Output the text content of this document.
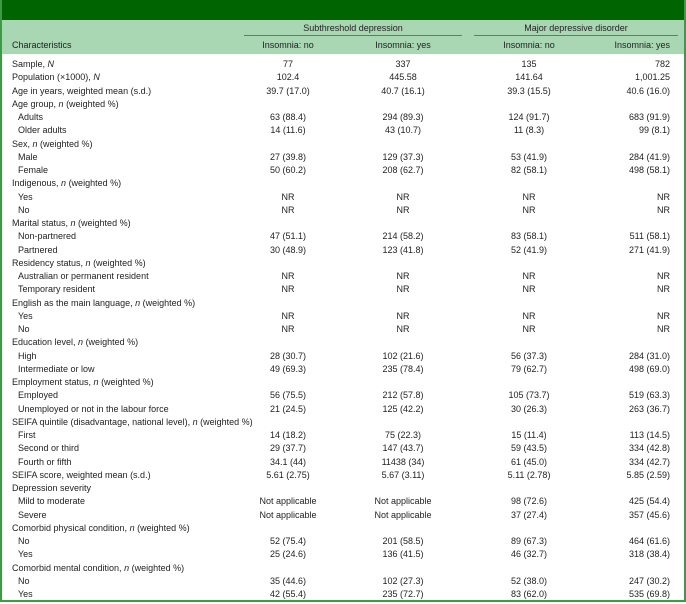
	Subthreshold depression		Major depressive disorder	

Characteristics	Insomnia: no	Insomnia: yes	Insomnia: no	Insomnia: yes
Sample, N	77	337	135	782
Population (×1000), N	102.4	445.58	141.64	1,001.25
Age in years, weighted mean (s.d.)	39.7 (17.0)	40.7 (16.1)	39.3 (15.5)	40.6 (16.0)
Age group, n (weighted %)				
Adults	63 (88.4)	294 (89.3)	124 (91.7)	683 (91.9)
Older adults	14 (11.6)	43 (10.7)	11 (8.3)	99 (8.1)
Sex, n (weighted %)				
Male	27 (39.8)	129 (37.3)	53 (41.9)	284 (41.9)
Female	50 (60.2)	208 (62.7)	82 (58.1)	498 (58.1)
Indigenous, n (weighted %)				
Yes	NR	NR	NR	NR
No	NR	NR	NR	NR
Marital status, n (weighted %)				
Non-partnered	47 (51.1)	214 (58.2)	83 (58.1)	511 (58.1)
Partnered	30 (48.9)	123 (41.8)	52 (41.9)	271 (41.9)
Residency status, n (weighted %)				
Australian or permanent resident	NR	NR	NR	NR
Temporary resident	NR	NR	NR	NR
English as the main language, n (weighted %)				
Yes	NR	NR	NR	NR
No	NR	NR	NR	NR
Education level, n (weighted %)				
High	28 (30.7)	102 (21.6)	56 (37.3)	284 (31.0)
Intermediate or low	49 (69.3)	235 (78.4)	79 (62.7)	498 (69.0)
Employment status, n (weighted %)				
Employed	56 (75.5)	212 (57.8)	105 (73.7)	519 (63.3)
Unemployed or not in the labour force	21 (24.5)	125 (42.2)	30 (26.3)	263 (36.7)
SEIFA quintile (disadvantage, national level), n (weighted %)				
First	14 (18.2)	75 (22.3)	15 (11.4)	113 (14.5)
Second or third	29 (37.7)	147 (43.7)	59 (43.5)	334 (42.8)
Fourth or fifth	34.1 (44)	11438 (34)	61 (45.0)	334 (42.7)
SEIFA score, weighted mean (s.d.)	5.61 (2.75)	5.67 (3.11)	5.11 (2.78)	5.85 (2.59)
Depression severity				
Mild to moderate	Not applicable	Not applicable	98 (72.6)	425 (54.4)
Severe	Not applicable	Not applicable	37 (27.4)	357 (45.6)
Comorbid physical condition, n (weighted %)				
No	52 (75.4)	201 (58.5)	89 (67.3)	464 (61.6)
Yes	25 (24.6)	136 (41.5)	46 (32.7)	318 (38.4)
Comorbid mental condition, n (weighted %)				
No	35 (44.6)	102 (27.3)	52 (38.0)	247 (30.2)
Yes	42 (55.4)	235 (72.7)	83 (62.0)	535 (69.8)
